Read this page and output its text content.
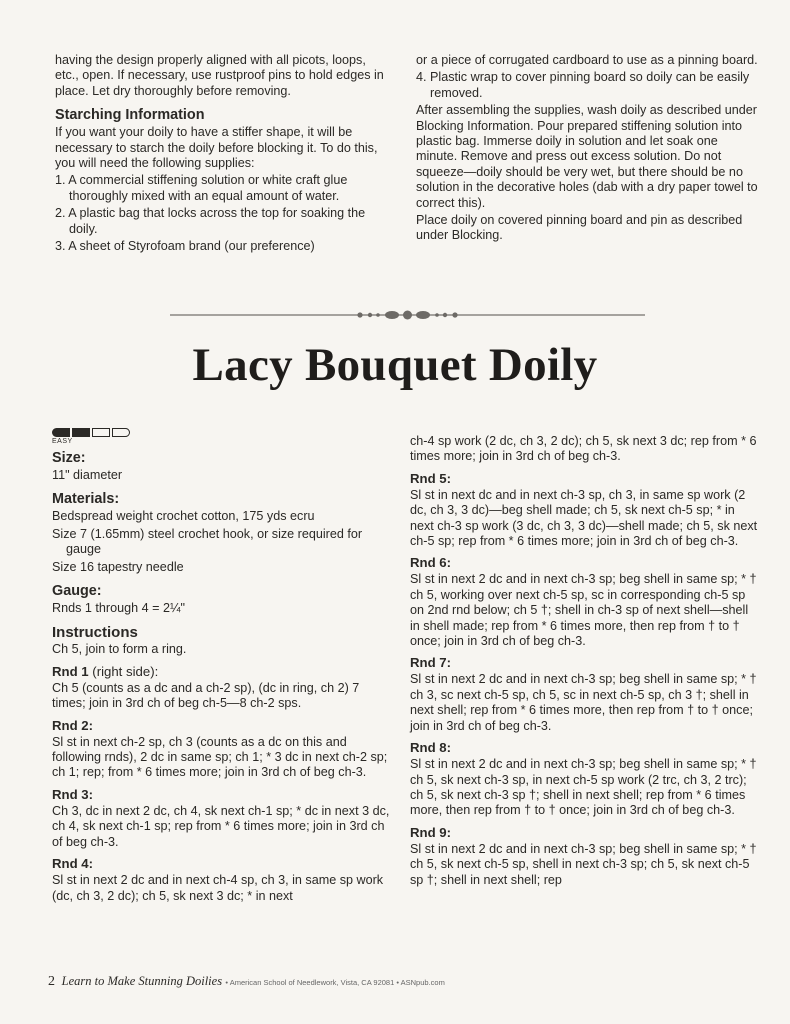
having the design properly aligned with all picots, loops, etc., open. If necessary, use rustproof pins to hold edges in place. Let dry thoroughly before removing.

Starching Information

If you want your doily to have a stiffer shape, it will be necessary to starch the doily before blocking it. To do this, you will need the following supplies:

1. A commercial stiffening solution or white craft glue thoroughly mixed with an equal amount of water.

2. A plastic bag that locks across the top for soaking the doily.

3. A sheet of Styrofoam brand (our preference)

or a piece of corrugated cardboard to use as a pinning board.

4. Plastic wrap to cover pinning board so doily can be easily removed.

After assembling the supplies, wash doily as described under Blocking Information. Pour prepared stiffening solution into plastic bag. Immerse doily in solution and let soak one minute. Remove and press out excess solution. Do not squeeze—doily should be very wet, but there should be no solution in the decorative holes (dab with a dry paper towel to correct this).

Place doily on covered pinning board and pin as described under Blocking.

Lacy Bouquet Doily
EASY
Size:

11" diameter

Materials:

Bedspread weight crochet cotton, 175 yds ecru

Size 7 (1.65mm) steel crochet hook, or size required for gauge

Size 16 tapestry needle

Gauge:

Rnds 1 through 4 = 2¼"

Instructions

Ch 5, join to form a ring.

Rnd 1 (right side):

Ch 5 (counts as a dc and a ch-2 sp), (dc in ring, ch 2) 7 times; join in 3rd ch of beg ch-5—8 ch-2 sps.

Rnd 2:

Sl st in next ch-2 sp, ch 3 (counts as a dc on this and following rnds), 2 dc in same sp; ch 1; * 3 dc in next ch-2 sp; ch 1; rep; from * 6 times more; join in 3rd ch of beg ch-3.

Rnd 3:

Ch 3, dc in next 2 dc, ch 4, sk next ch-1 sp; * dc in next 3 dc, ch 4, sk next ch-1 sp; rep from * 6 times more; join in 3rd ch of beg ch-3.

Rnd 4:

Sl st in next 2 dc and in next ch-4 sp, ch 3, in same sp work (dc, ch 3, 2 dc); ch 5, sk next 3 dc; * in next

ch-4 sp work (2 dc, ch 3, 2 dc); ch 5, sk next 3 dc; rep from * 6 times more; join in 3rd ch of beg ch-3.

Rnd 5:

Sl st in next dc and in next ch-3 sp, ch 3, in same sp work (2 dc, ch 3, 3 dc)—beg shell made; ch 5, sk next ch-5 sp; * in next ch-3 sp work (3 dc, ch 3, 3 dc)—shell made; ch 5, sk next ch-5 sp; rep from * 6 times more; join in 3rd ch of beg ch-3.

Rnd 6:

Sl st in next 2 dc and in next ch-3 sp; beg shell in same sp; * † ch 5, working over next ch-5 sp, sc in corresponding ch-5 sp on 2nd rnd below; ch 5 †; shell in ch-3 sp of next shell—shell in shell made; rep from * 6 times more, then rep from † to † once; join in 3rd ch of beg ch-3.

Rnd 7:

Sl st in next 2 dc and in next ch-3 sp; beg shell in same sp; * † ch 3, sc next ch-5 sp, ch 5, sc in next ch-5 sp, ch 3 †; shell in next shell; rep from * 6 times more, then rep from † to † once; join in 3rd ch of beg ch-3.

Rnd 8:

Sl st in next 2 dc and in next ch-3 sp; beg shell in same sp; * † ch 5, sk next ch-3 sp, in next ch-5 sp work (2 trc, ch 3, 2 trc); ch 5, sk next ch-3 sp †; shell in next shell; rep from * 6 times more, then rep from † to † once; join in 3rd ch of beg ch-3.

Rnd 9:

Sl st in next 2 dc and in next ch-3 sp; beg shell in same sp; * † ch 5, sk next ch-5 sp, shell in next ch-3 sp; ch 5, sk next ch-5 sp †; shell in next shell; rep

2 Learn to Make Stunning Doilies • American School of Needlework, Vista, CA 92081 • ASNpub.com
